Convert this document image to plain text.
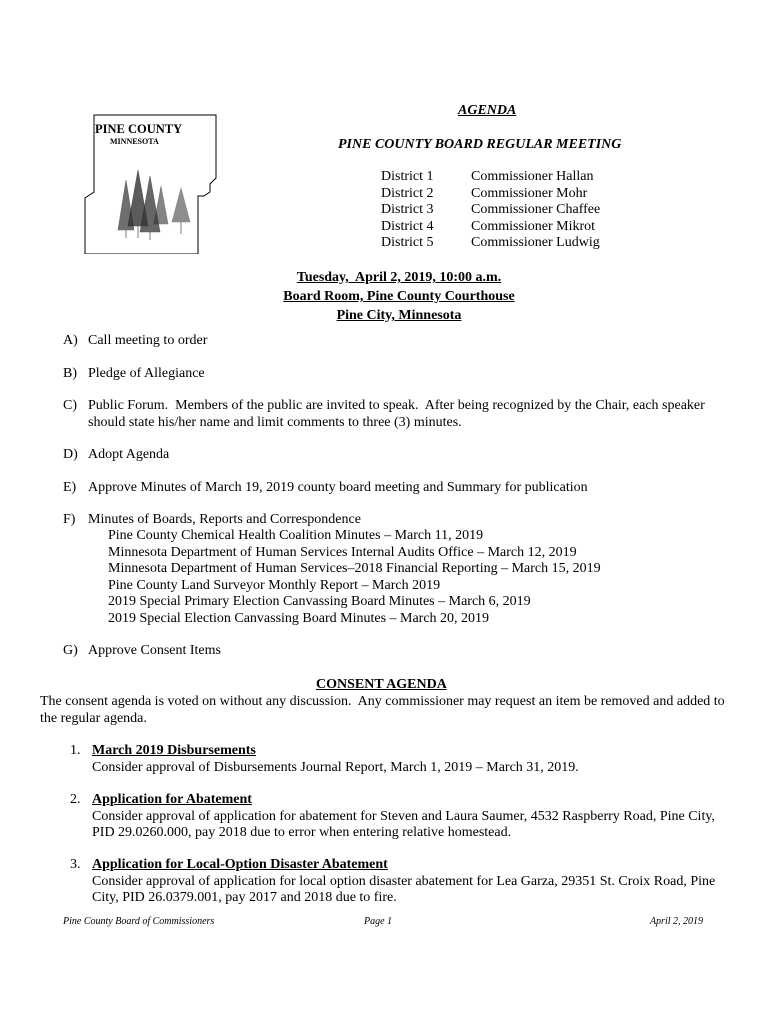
PINE COUNTY
MINNESOTA
AGENDA
PINE COUNTY BOARD REGULAR MEETING
District 1	Commissioner Hallan
District 2	Commissioner Mohr
District 3	Commissioner Chaffee
District 4	Commissioner Mikrot
District 5	Commissioner Ludwig
Tuesday,  April 2, 2019, 10:00 a.m.
Board Room, Pine County Courthouse
Pine City, Minnesota
A) Call meeting to order
B) Pledge of Allegiance
C) Public Forum.  Members of the public are invited to speak.  After being recognized by the Chair, each speaker should state his/her name and limit comments to three (3) minutes.
D) Adopt Agenda
E) Approve Minutes of March 19, 2019 county board meeting and Summary for publication
F) Minutes of Boards, Reports and Correspondence
Pine County Chemical Health Coalition Minutes – March 11, 2019
Minnesota Department of Human Services Internal Audits Office – March 12, 2019
Minnesota Department of Human Services–2018 Financial Reporting – March 15, 2019
Pine County Land Surveyor Monthly Report – March 2019
2019 Special Primary Election Canvassing Board Minutes – March 6, 2019
2019 Special Election Canvassing Board Minutes – March 20, 2019
G) Approve Consent Items
CONSENT AGENDA
The consent agenda is voted on without any discussion.  Any commissioner may request an item be removed and added to the regular agenda.
1. March 2019 Disbursements
Consider approval of Disbursements Journal Report, March 1, 2019 – March 31, 2019.
2. Application for Abatement
Consider approval of application for abatement for Steven and Laura Saumer, 4532 Raspberry Road, Pine City, PID 29.0260.000, pay 2018 due to error when entering relative homestead.
3. Application for Local-Option Disaster Abatement
Consider approval of application for local option disaster abatement for Lea Garza, 29351 St. Croix Road, Pine City, PID 26.0379.001, pay 2017 and 2018 due to fire.
Pine County Board of Commissioners	Page 1	April 2, 2019
